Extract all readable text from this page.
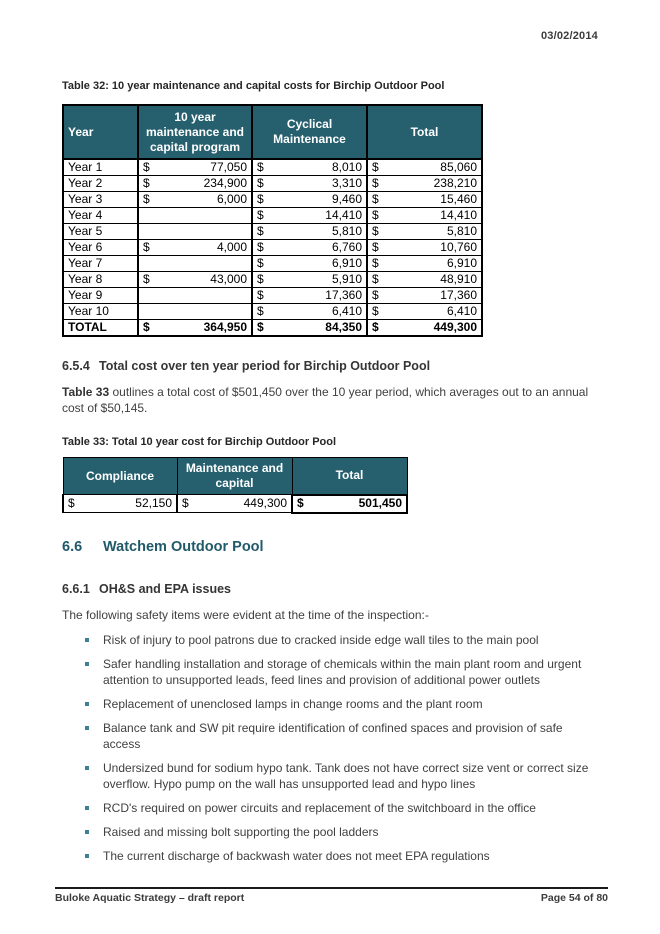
03/02/2014

Table 32: 10 year maintenance and capital costs for Birchip Outdoor Pool

Year	10 year maintenance and capital program	Cyclical Maintenance	Total
Year 1	$ 77,050	$ 8,010	$ 85,060

Year 2	$ 234,900	$ 3,310	$ 238,210

Year 3	$ 6,000	$ 9,460	$ 15,460

Year 4		$ 14,410	$ 14,410

Year 5		$ 5,810	$ 5,810

Year 6	$ 4,000	$ 6,760	$ 10,760

Year 7		$ 6,910	$ 6,910

Year 8	$ 43,000	$ 5,910	$ 48,910

Year 9		$ 17,360	$ 17,360

Year 10		$ 6,410	$ 6,410

TOTAL	$ 364,950	$ 84,350	$ 449,300
6.5.4 Total cost over ten year period for Birchip Outdoor Pool

Table 33 outlines a total cost of $501,450 over the 10 year period, which averages out to an annual cost of $50,145.

Table 33: Total 10 year cost for Birchip Outdoor Pool

Compliance	Maintenance and capital	Total

$ 52,150	$ 449,300	$ 501,450
6.6	Watchem Outdoor Pool
6.6.1 OH&S and EPA issues

The following safety items were evident at the time of the inspection:-

Risk of injury to pool patrons due to cracked inside edge wall tiles to the main pool
Safer handling installation and storage of chemicals within the main plant room and urgent attention to unsupported leads, feed lines and provision of additional power outlets
Replacement of unenclosed lamps in change rooms and the plant room
Balance tank and SW pit require identification of confined spaces and provision of safe access
Undersized bund for sodium hypo tank. Tank does not have correct size vent or correct size overflow. Hypo pump on the wall has unsupported lead and hypo lines
RCD's required on power circuits and replacement of the switchboard in the office
Raised and missing bolt supporting the pool ladders
The current discharge of backwash water does not meet EPA regulations
Buloke Aquatic Strategy – draft report	Page 54 of 80
